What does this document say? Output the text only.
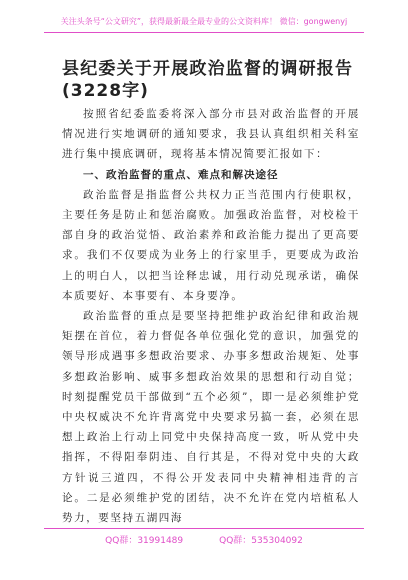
关注头条号“公文研究”，获得最新最全最专业的公文资料库！ 微信：gongwenyj
县纪委关于开展政治监督的调研报告
(3228字)

按照省纪委监委将深入部分市县对政治监督的开展情况进行实地调研的通知要求，我县认真组织相关科室进行集中摸底调研，现将基本情况简要汇报如下：

一、政治监督的重点、难点和解决途径

政治监督是指监督公共权力正当范围内行使职权，主要任务是防止和惩治腐败。加强政治监督，对校检干部自身的政治觉悟、政治素养和政治能力提出了更高要求。我们不仅要成为业务上的行家里手，更要成为政治上的明白人，以把当诠释忠诚，用行动兑现承诺，确保本质要好、本事要有、本身要净。

政治监督的重点是要坚持把维护政治纪律和政治规矩摆在首位，着力督促各单位强化党的意识，加强党的领导形成遇事多想政治要求、办事多想政治规矩、处事多想政治影响、威事多想政治效果的思想和行动自觉；时刻提醒党员干部做到“五个必须”，即一是必须维护党中央权威决不允许背离党中央要求另搞一套，必须在思想上政治上行动上同党中央保持高度一致，听从党中央指挥，不得阳奉阴违、自行其是，不得对党中央的大政方针说三道四，不得公开发表同中央精神相违背的言论。二是必须维护党的团结，决不允许在党内培植私人势力，要坚持五湖四海

QQ群：31991489	QQ群：535304092
